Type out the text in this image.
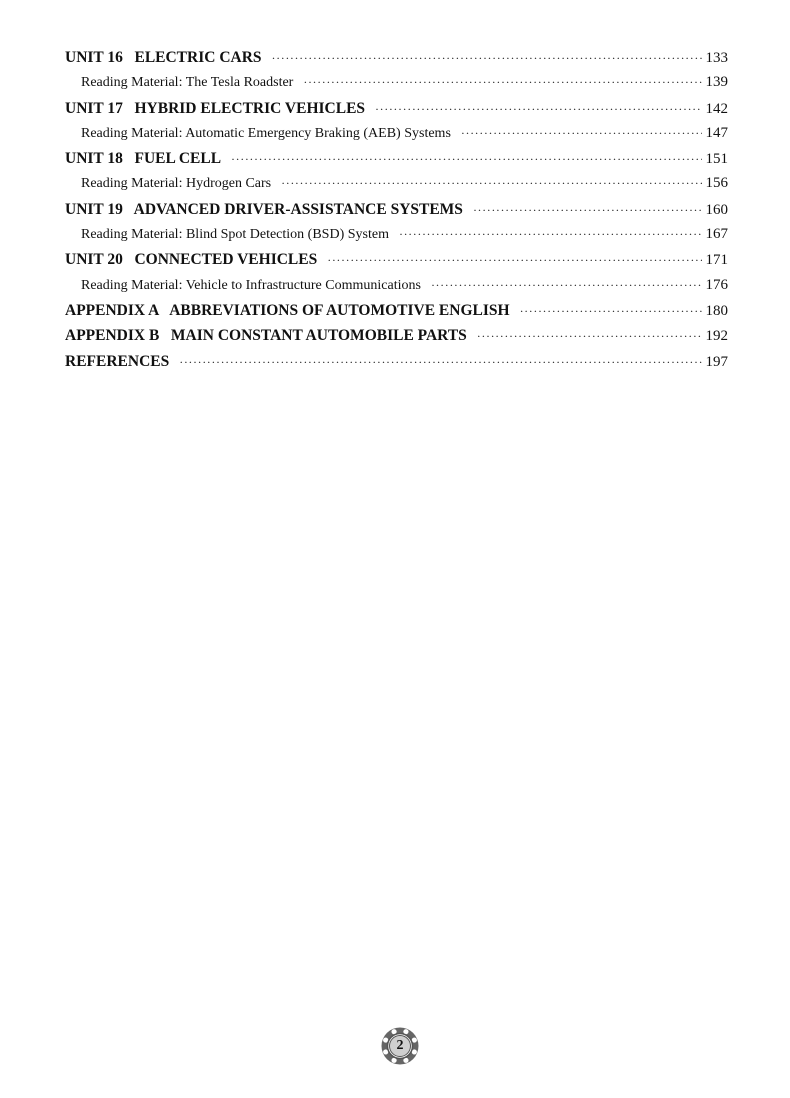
UNIT 16   ELECTRIC CARS ·····	133
Reading Material: The Tesla Roadster ·····	139
UNIT 17   HYBRID ELECTRIC VEHICLES ·····	142
Reading Material: Automatic Emergency Braking (AEB) Systems ·····	147
UNIT 18   FUEL CELL ·····	151
Reading Material: Hydrogen Cars ·····	156
UNIT 19   ADVANCED DRIVER-ASSISTANCE SYSTEMS ·····	160
Reading Material: Blind Spot Detection (BSD) System ·····	167
UNIT 20   CONNECTED VEHICLES ·····	171
Reading Material: Vehicle to Infrastructure Communications ·····	176
APPENDIX A   ABBREVIATIONS OF AUTOMOTIVE ENGLISH ·····	180
APPENDIX B   MAIN CONSTANT AUTOMOBILE PARTS ·····	192
REFERENCES ·····	197
2
